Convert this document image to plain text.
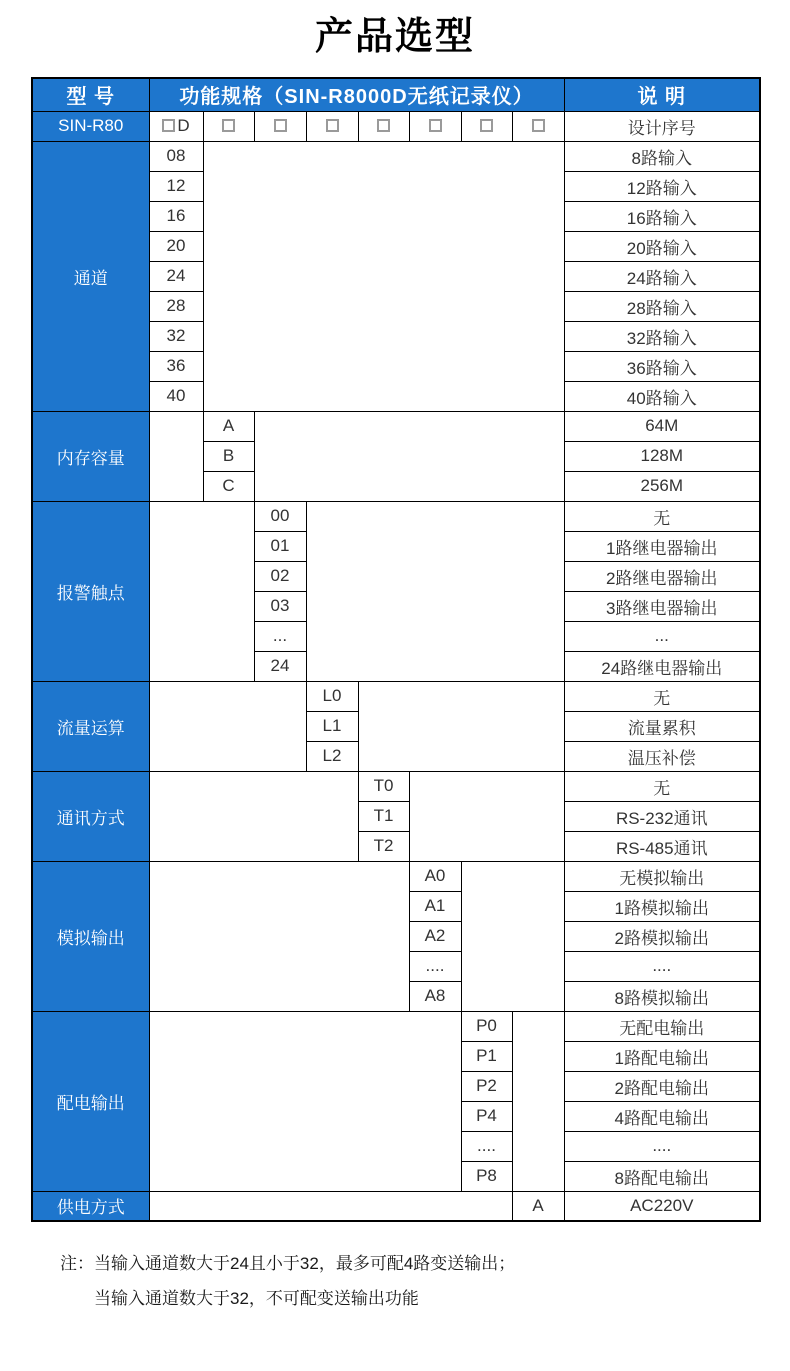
产品选型
型 号	功能规格（SIN-R8000D无纸记录仪）								说 明
SIN-R80	D								设计序号
通道	08								8路输入
	12								12路输入
	16								16路输入
	20								20路输入
	24								24路输入
	28								28路输入
	32								32路输入
	36								36路输入
	40								40路输入
内存容量		A							64M
		B							128M
		C							256M
报警触点			00						无
			01						1路继电器输出
			02						2路继电器输出
			03						3路继电器输出
			...						...
			24						24路继电器输出
流量运算				L0					无
				L1					流量累积
				L2					温压补偿
通讯方式					T0				无
					T1				RS-232通讯
					T2				RS-485通讯
模拟输出						A0			无模拟输出
						A1			1路模拟输出
						A2			2路模拟输出
						....			....
						A8			8路模拟输出
配电输出							P0		无配电输出
							P1		1路配电输出
							P2		2路配电输出
							P4		4路配电输出
							....		....
							P8		8路配电输出
供电方式								A	AC220V
注：当输入通道数大于24且小于32，最多可配4路变送输出；
当输入通道数大于32，不可配变送输出功能
